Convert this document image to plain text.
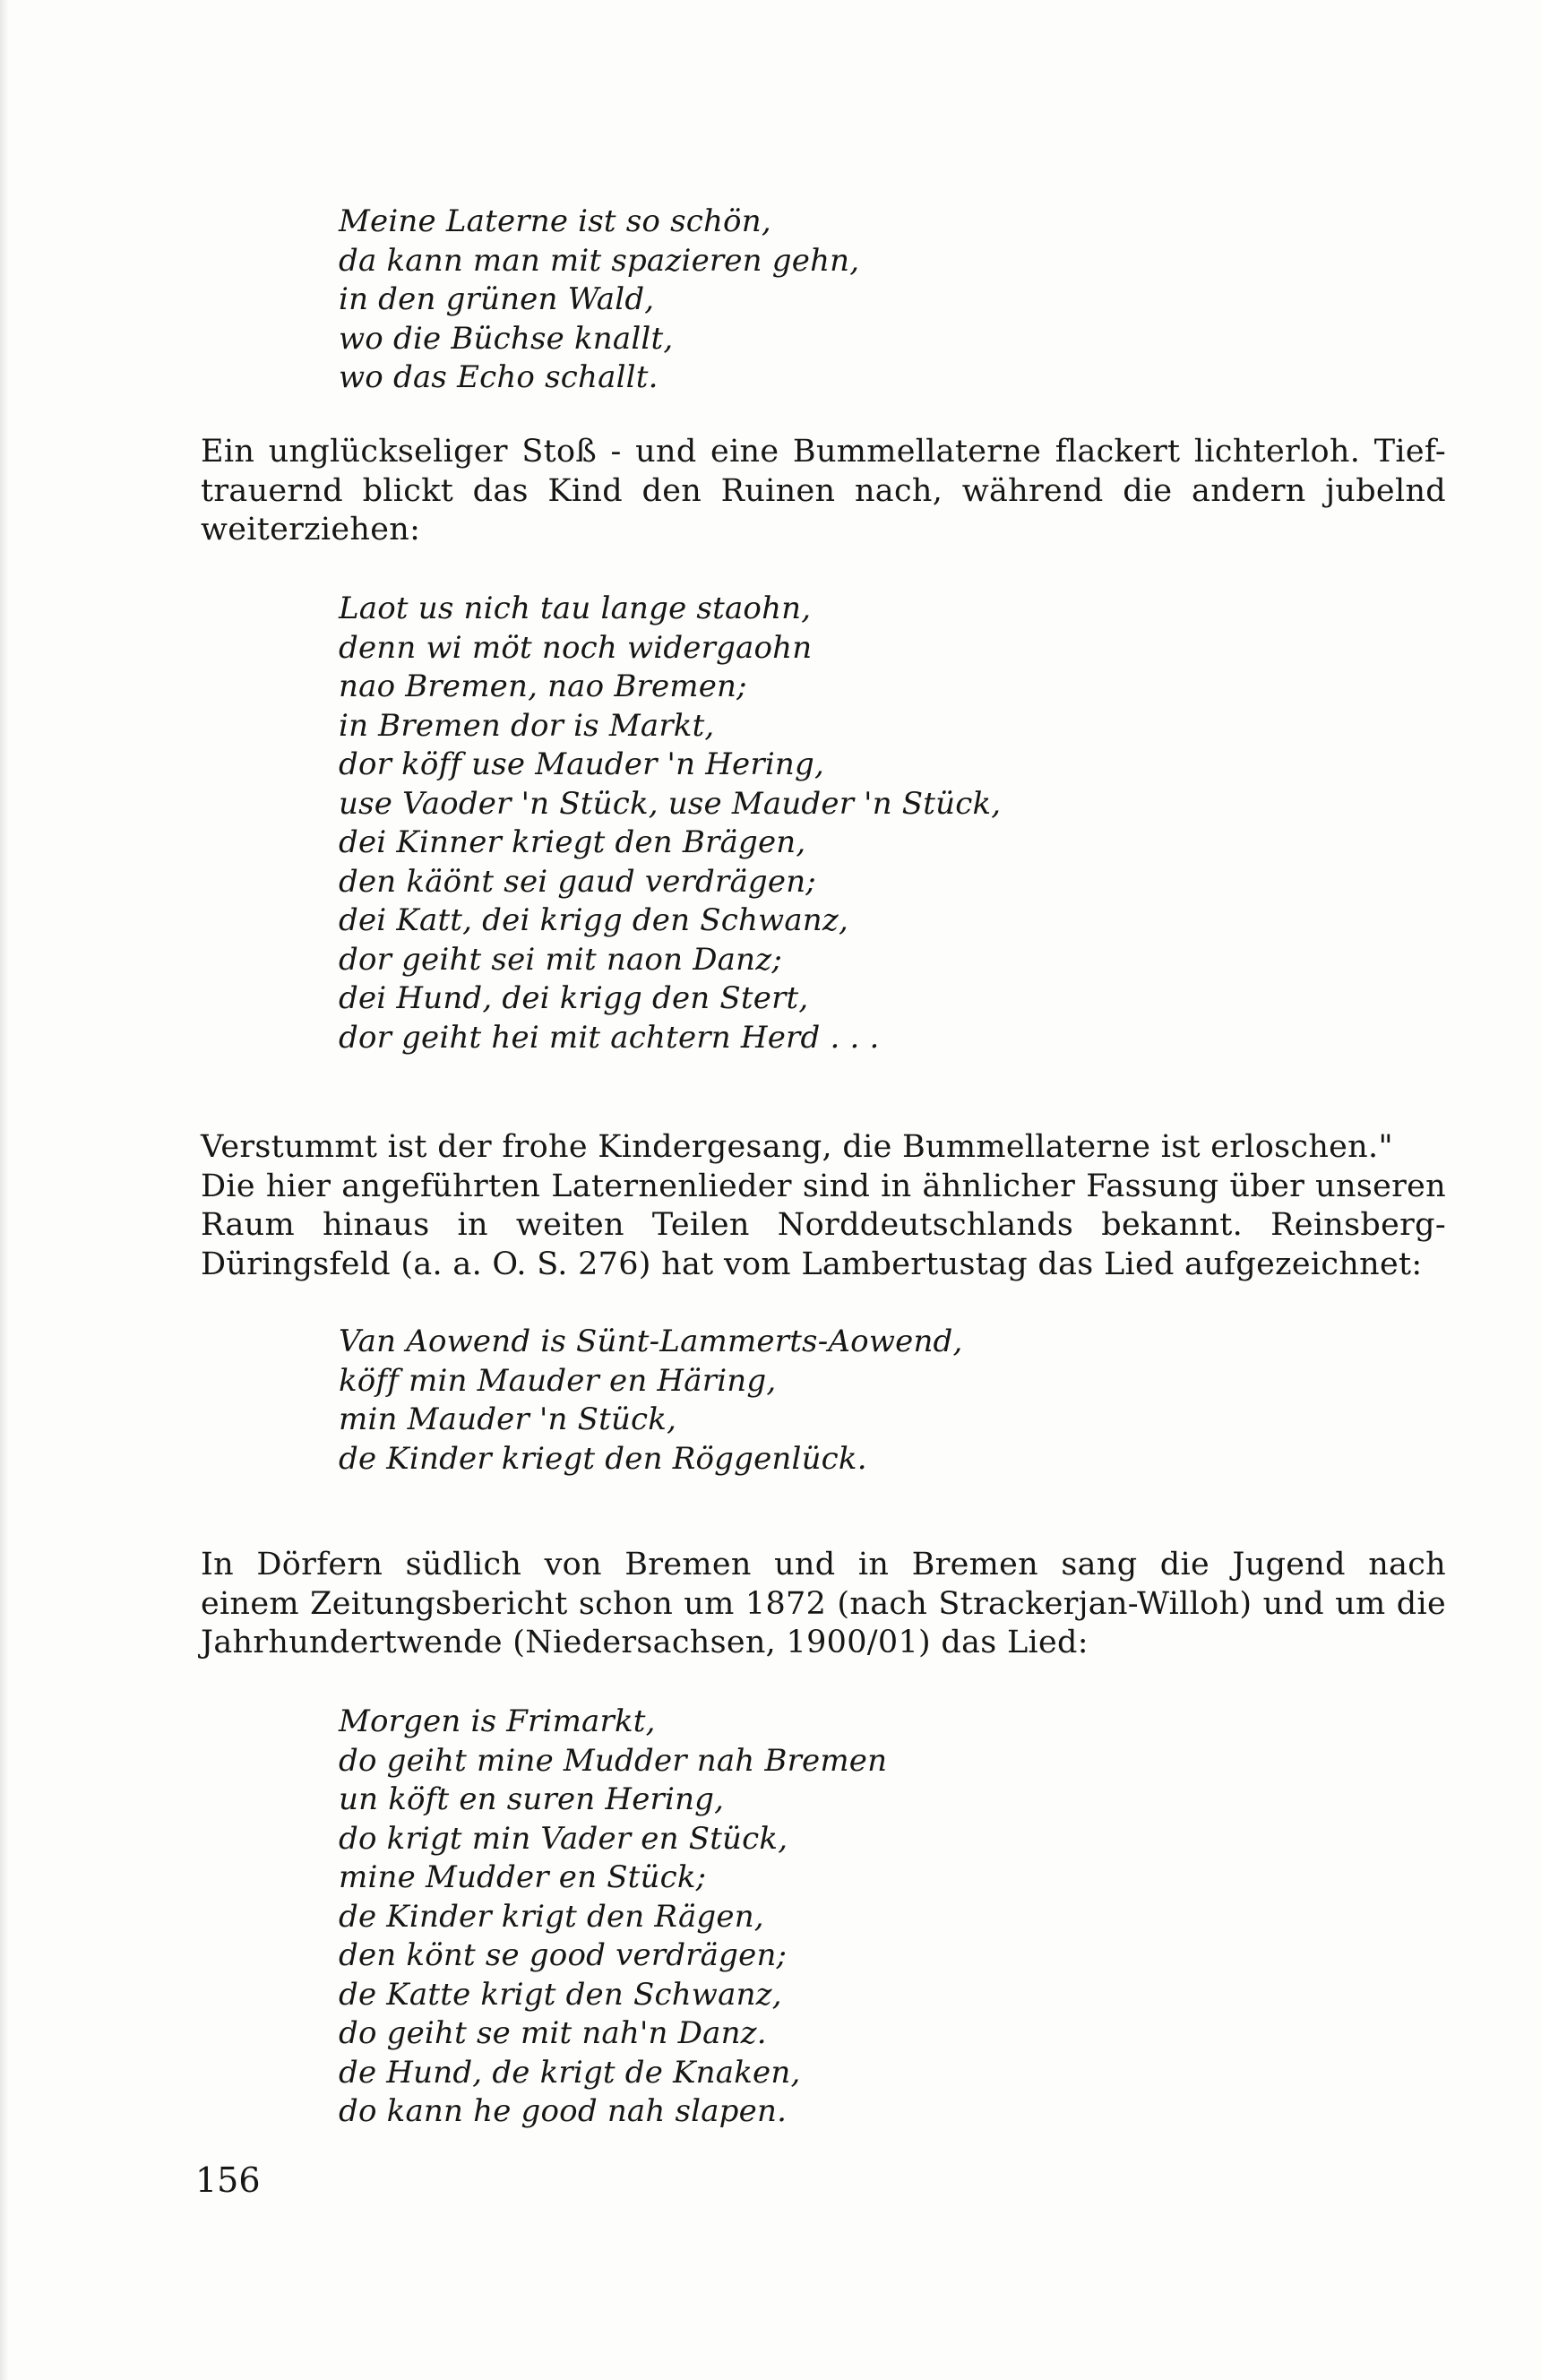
Meine Laterne ist so schön,
da kann man mit spazieren gehn,
in den grünen Wald,
wo die Büchse knallt,
wo das Echo schallt.
Ein unglückseliger Stoß - und eine Bummellaterne flackert lichterloh. Tief-
trauernd blickt das Kind den Ruinen nach, während die andern jubelnd
weiterziehen:
Laot us nich tau lange staohn,
denn wi möt noch widergaohn
nao Bremen, nao Bremen;
in Bremen dor is Markt,
dor köff use Mauder 'n Hering,
use Vaoder 'n Stück, use Mauder 'n Stück,
dei Kinner kriegt den Brägen,
den käönt sei gaud verdrägen;
dei Katt, dei krigg den Schwanz,
dor geiht sei mit naon Danz;
dei Hund, dei krigg den Stert,
dor geiht hei mit achtern Herd . . .
Verstummt ist der frohe Kindergesang, die Bummellaterne ist erloschen."
Die hier angeführten Laternenlieder sind in ähnlicher Fassung über unseren
Raum hinaus in weiten Teilen Norddeutschlands bekannt. Reinsberg-
Düringsfeld (a. a. O. S. 276) hat vom Lambertustag das Lied aufgezeichnet:
Van Aowend is Sünt-Lammerts-Aowend,
köff min Mauder en Häring,
min Mauder 'n Stück,
de Kinder kriegt den Röggenlück.
In Dörfern südlich von Bremen und in Bremen sang die Jugend nach
einem Zeitungsbericht schon um 1872 (nach Strackerjan-Willoh) und um die
Jahrhundertwende (Niedersachsen, 1900/01) das Lied:
Morgen is Frimarkt,
do geiht mine Mudder nah Bremen
un köft en suren Hering,
do krigt min Vader en Stück,
mine Mudder en Stück;
de Kinder krigt den Rägen,
den könt se good verdrägen;
de Katte krigt den Schwanz,
do geiht se mit nah'n Danz.
de Hund, de krigt de Knaken,
do kann he good nah slapen.
156
